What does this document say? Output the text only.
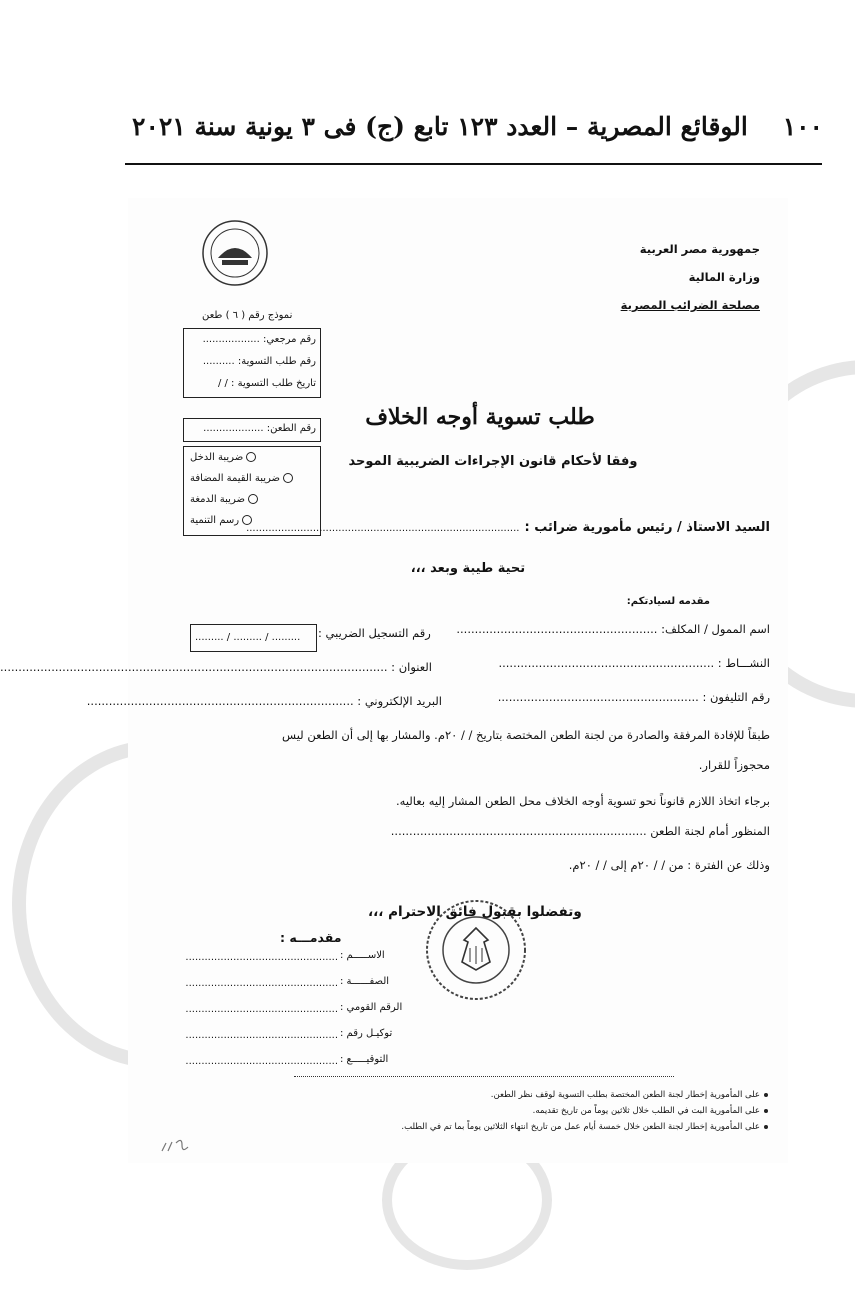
١٠٠    الوقائع المصرية – العدد ١٢٣ تابع (ج) فى ٣ يونية سنة ٢٠٢١
جمهورية مصر العربية
وزارة المالية
مصلحة الضرائب المصرية
نموذج رقم ( ٦ ) طعن
رقم مرجعي: ..................
رقم طلب التسوية: ..........
تاريخ طلب التسوية : / /
رقم الطعن: ...................
ضريبة الدخل
ضريبة القيمة المضافة
ضريبة الدمغة
رسم التنمية
طلب تسوية أوجه الخلاف
وفقا لأحكام قانون الإجراءات الضريبية الموحد
السيد الاستاذ / رئيس مأمورية ضرائب : ......................................................................................
تحية طيبة وبعد ،،،
مقدمه لسيادتكم:
اسم الممول / المكلف: .......................................................
رقم التسجيل الضريبي :
......... / ......... / .........
النشـــاط : ...........................................................
العنوان : ..........................................................................................................
رقم التليفون : .......................................................
البريد الإلكتروني : .........................................................................
طبقاً للإفادة المرفقة والصادرة من لجنة الطعن المختصة بتاريخ / / ٢٠م. والمشار بها إلى أن الطعن ليس
محجوزاً للقرار.
برجاء اتخاذ اللازم قانوناً نحو تسوية أوجه الخلاف محل الطعن المشار إليه بعاليه.
المنظور أمام لجنة الطعن ......................................................................
وذلك عن الفترة : من / / ٢٠م إلى / / ٢٠م.
وتفضلوا بقبول فائق الاحترام ،،،
مقدمـــه :
الاســـــم :
................................................
الصفــــــة :
................................................
الرقم القومي :
................................................
توكيـل رقم :
................................................
التوقيـــــع :
................................................
على المأمورية إخطار لجنة الطعن المختصة بطلب التسوية لوقف نظر الطعن.
على المأمورية البت في الطلب خلال ثلاثين يوماً من تاريخ تقديمه.
على المأمورية إخطار لجنة الطعن خلال خمسة أيام عمل من تاريخ انتهاء الثلاثين يوماً بما تم في الطلب.
